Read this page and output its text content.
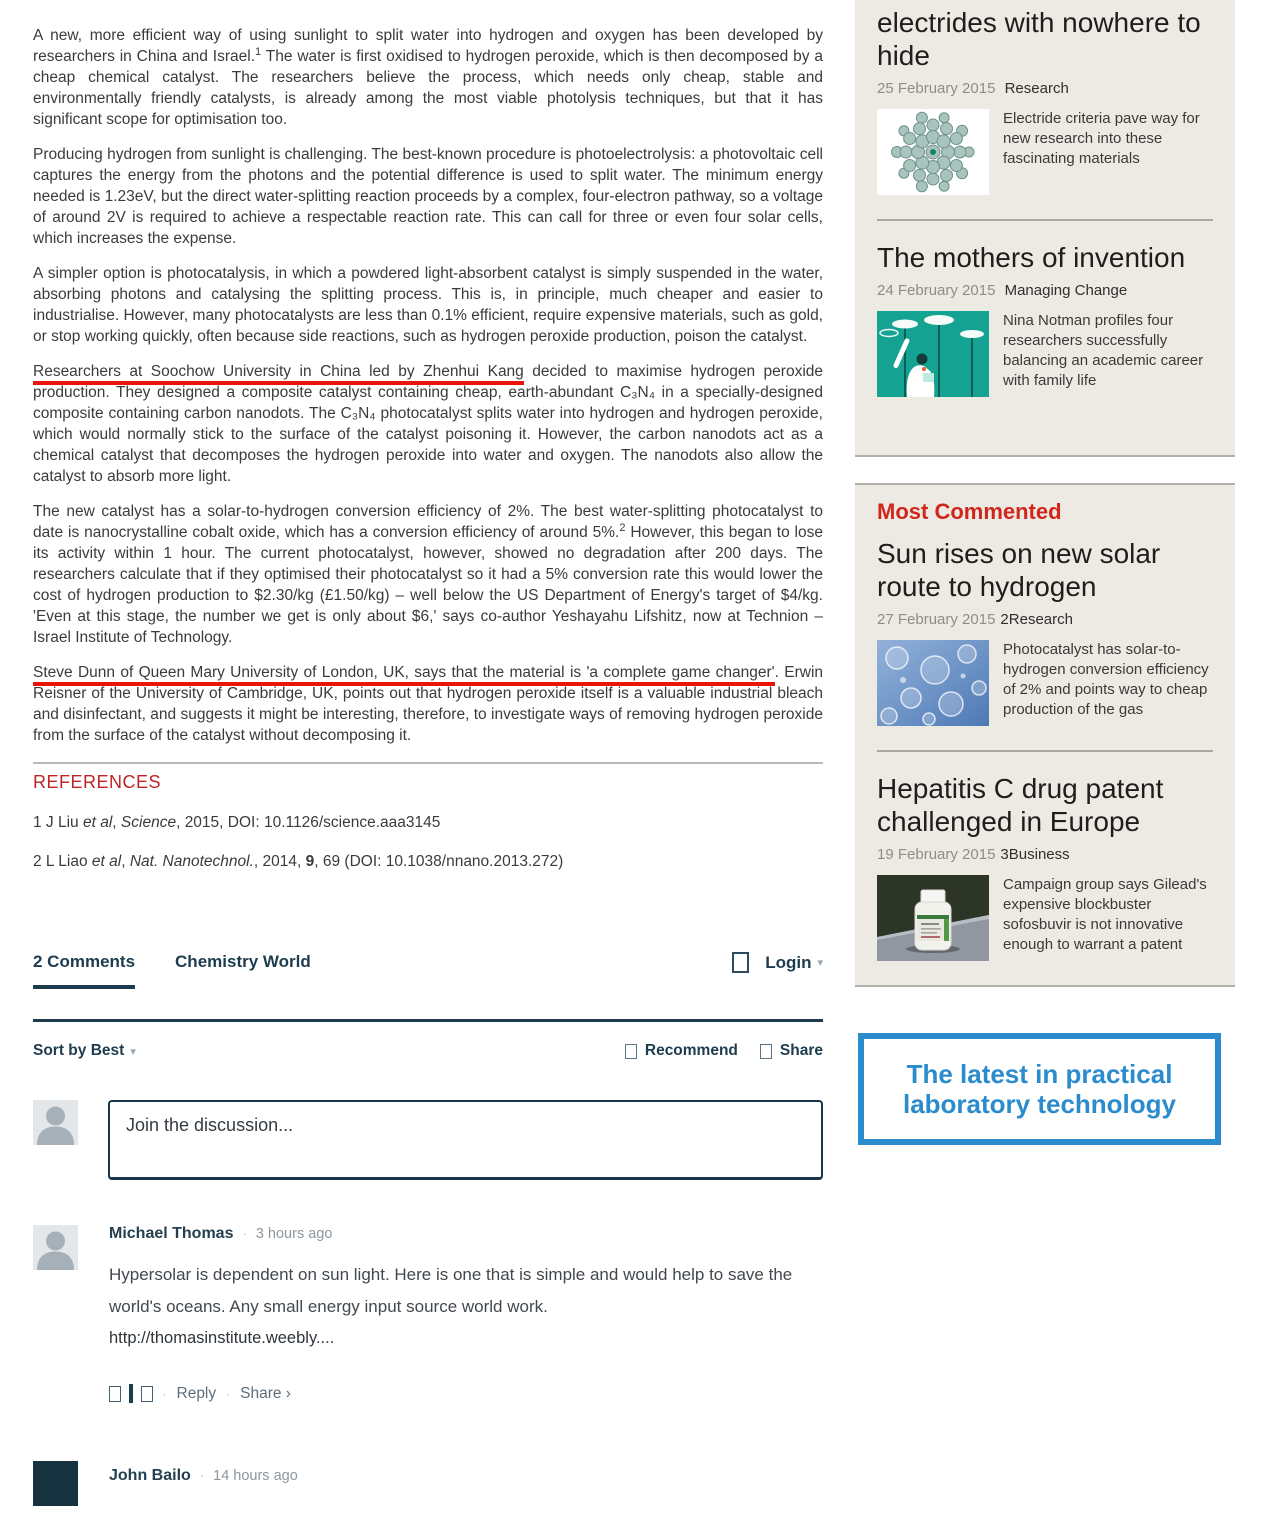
A new, more efficient way of using sunlight to split water into hydrogen and oxygen has been developed by researchers in China and Israel.$^1$ The water is first oxidised to hydrogen peroxide, which is then decomposed by a cheap chemical catalyst. The researchers believe the process, which needs only cheap, stable and environmentally friendly catalysts, is already among the most viable photolysis techniques, but that it has significant scope for optimisation too.

Producing hydrogen from sunlight is challenging. The best-known procedure is photoelectrolysis: a photovoltaic cell captures the energy from the photons and the potential difference is used to split water. The minimum energy needed is 1.23eV, but the direct water-splitting reaction proceeds by a complex, four-electron pathway, so a voltage of around 2V is required to achieve a respectable reaction rate. This can call for three or even four solar cells, which increases the expense.

A simpler option is photocatalysis, in which a powdered light-absorbent catalyst is simply suspended in the water, absorbing photons and catalysing the splitting process. This is, in principle, much cheaper and easier to industrialise. However, many photocatalysts are less than 0.1% efficient, require expensive materials, such as gold, or stop working quickly, often because side reactions, such as hydrogen peroxide production, poison the catalyst.

Researchers at Soochow University in China led by Zhenhui Kang decided to maximise hydrogen peroxide production. They designed a composite catalyst containing cheap, earth-abundant C₃N₄ in a specially-designed composite containing carbon nanodots. The C₃N₄ photocatalyst splits water into hydrogen and hydrogen peroxide, which would normally stick to the surface of the catalyst poisoning it. However, the carbon nanodots act as a chemical catalyst that decomposes the hydrogen peroxide into water and oxygen. The nanodots also allow the catalyst to absorb more light.

The new catalyst has a solar-to-hydrogen conversion efficiency of 2%. The best water-splitting photocatalyst to date is nanocrystalline cobalt oxide, which has a conversion efficiency of around 5%.$^2$ However, this began to lose its activity within 1 hour. The current photocatalyst, however, showed no degradation after 200 days. The researchers calculate that if they optimised their photocatalyst so it had a 5% conversion rate this would lower the cost of hydrogen production to $2.30/kg (£1.50/kg) – well below the US Department of Energy's target of $4/kg. 'Even at this stage, the number we get is only about $6,' says co-author Yeshayahu Lifshitz, now at Technion – Israel Institute of Technology.

Steve Dunn of Queen Mary University of London, UK, says that the material is 'a complete game changer'. Erwin Reisner of the University of Cambridge, UK, points out that hydrogen peroxide itself is a valuable industrial bleach and disinfectant, and suggests it might be interesting, therefore, to investigate ways of removing hydrogen peroxide from the surface of the catalyst without decomposing it.

REFERENCES

1 J Liu et al, Science, 2015, DOI: 10.1126/science.aaa3145

2 L Liao et al, Nat. Nanotechnol., 2014, 9, 69 (DOI: 10.1038/nnano.2013.272)

2 Comments Chemistry World	Login ▾
Sort by Best ▾	Recommend	Share
Join the discussion...
Michael Thomas · 3 hours ago
Hypersolar is dependent on sun light. Here is one that is simple and would help to save the world's oceans. Any small energy input source world work.
http://thomasinstitute.weebly....
· Reply · Share ›
John Bailo · 14 hours ago
electrides with nowhere to hide
25 February 2015 Research

Electride criteria pave way for new research into these fascinating materials

The mothers of invention
24 February 2015 Managing Change

Nina Notman profiles four researchers successfully balancing an academic career with family life

Most Commented
Sun rises on new solar route to hydrogen
27 February 2015 2Research

Photocatalyst has solar-to-hydrogen conversion efficiency of 2% and points way to cheap production of the gas

Hepatitis C drug patent challenged in Europe
19 February 2015 3Business

Campaign group says Gilead's expensive blockbuster sofosbuvir is not innovative enough to warrant a patent

The latest in practical
laboratory technology
